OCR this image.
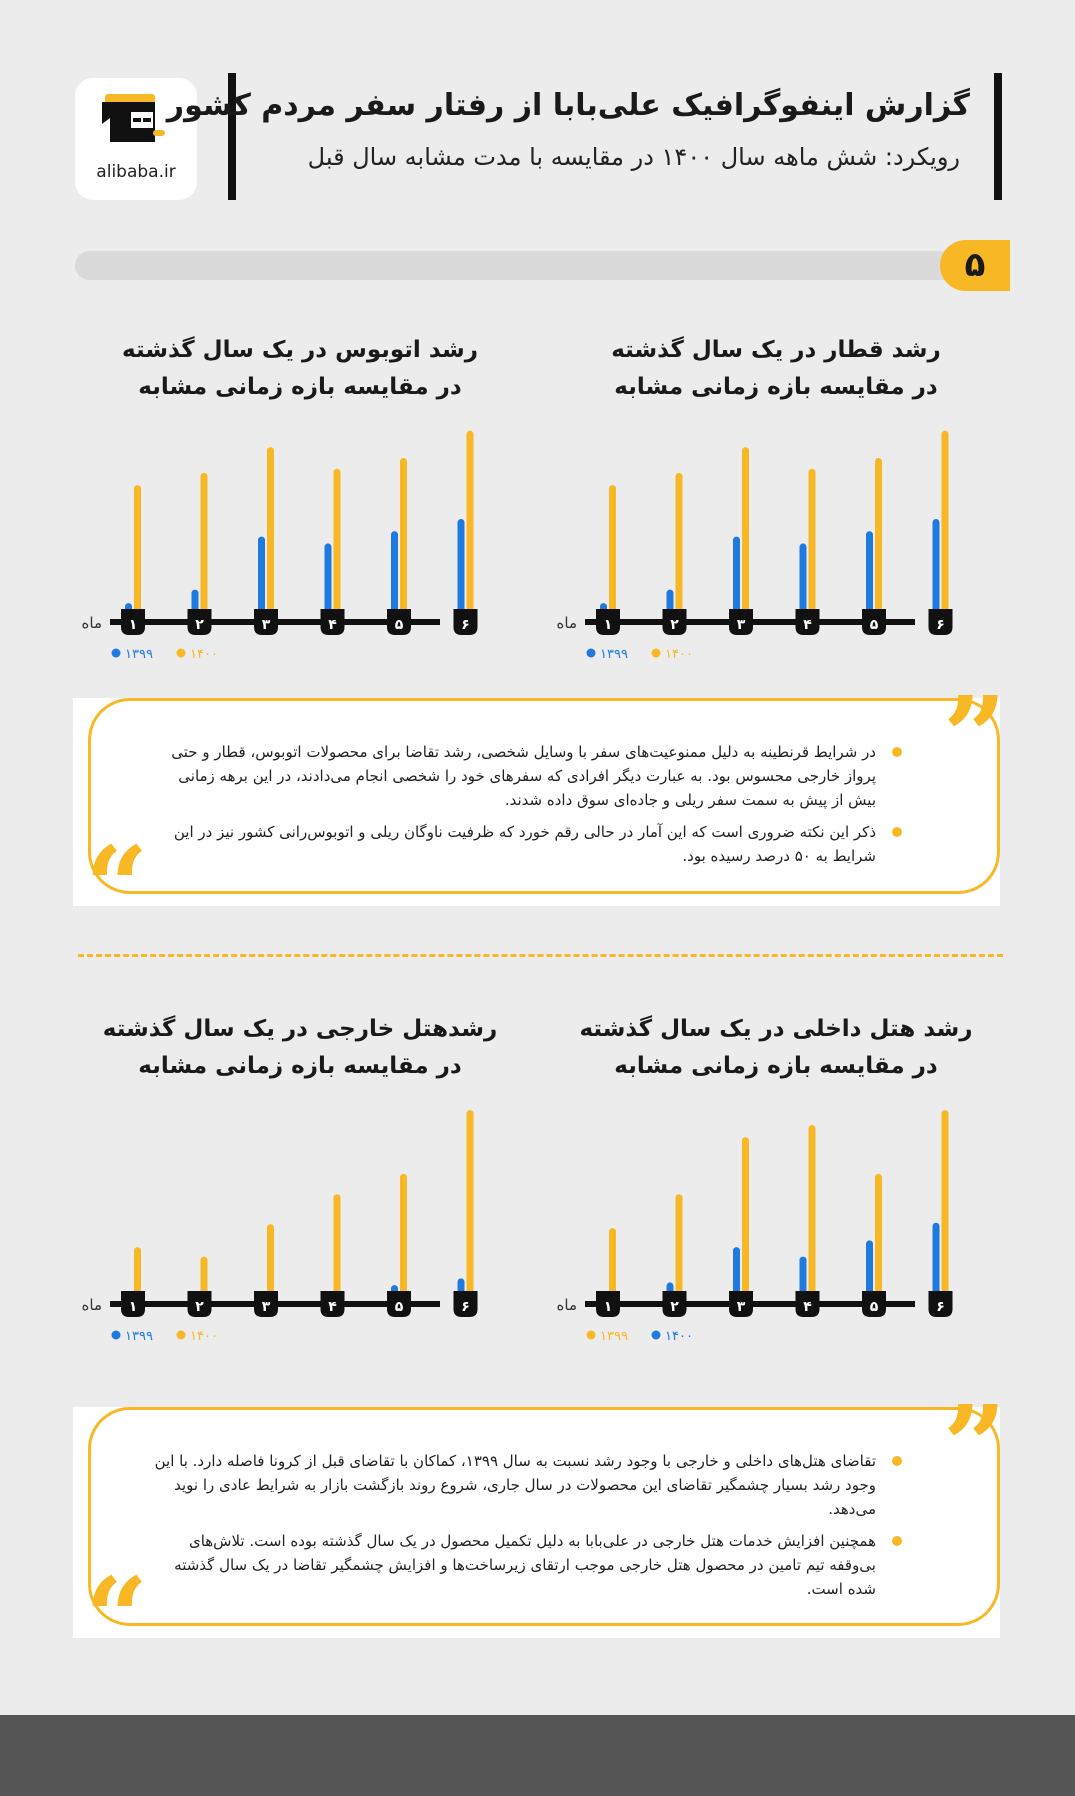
alibaba.ir
گزارش اینفوگرافیک علی‌بابا از رفتار سفر مردم کشور
رویکرد: شش ماهه سال ۱۴۰۰ در مقایسه با مدت مشابه سال قبل
۵
رشد قطار در یک سال گذشته
در مقایسه بازه زمانی مشابه
رشد اتوبوس در یک سال گذشته
در مقایسه بازه زمانی مشابه
رشد هتل داخلی در یک سال گذشته
در مقایسه بازه زمانی مشابه
رشدهتل خارجی در یک سال گذشته
در مقایسه بازه زمانی مشابه
ماه ۱	۲	۳	۴	۵	۶
۱۳۹۹	۱۴۰۰
ماه ۱	۲	۳	۴	۵	۶
۱۳۹۹	۱۴۰۰
ماه ۱	۲	۳	۴	۵	۶
۱۳۹۹	۱۴۰۰
ماه ۱	۲	۳	۴	۵	۶
۱۳۹۹	۱۴۰۰
”
“
در شرایط قرنطینه به دلیل ممنوعیت‌های سفر با وسایل شخصی، رشد تقاضا برای محصولات اتوبوس، قطار و حتی پرواز خارجی محسوس بود. به عبارت دیگر افرادی که سفرهای خود را شخصی انجام می‌دادند، در این برهه زمانی بیش از پیش به سمت سفر ریلی و جاده‌ای سوق داده شدند.
ذکر این نکته ضروری است که این آمار در حالی رقم خورد که ظرفیت ناوگان ریلی و اتوبوس‌رانی کشور نیز در این شرایط به ۵۰ درصد رسیده بود.
”
“
تقاضای هتل‌های داخلی و خارجی با وجود رشد نسبت به سال ۱۳۹۹، کماکان با تقاضای قبل از کرونا فاصله دارد. با این وجود رشد بسیار چشمگیر تقاضای این محصولات در سال جاری، شروع روند بازگشت بازار به شرایط عادی را نوید می‌دهد.
همچنین افزایش خدمات هتل خارجی در علی‌بابا به دلیل تکمیل محصول در یک سال گذشته بوده است. تلاش‌های بی‌وقفه تیم تامین در محصول هتل خارجی موجب ارتقای زیرساخت‌ها و افزایش چشمگیر تقاضا در یک سال گذشته شده است.
